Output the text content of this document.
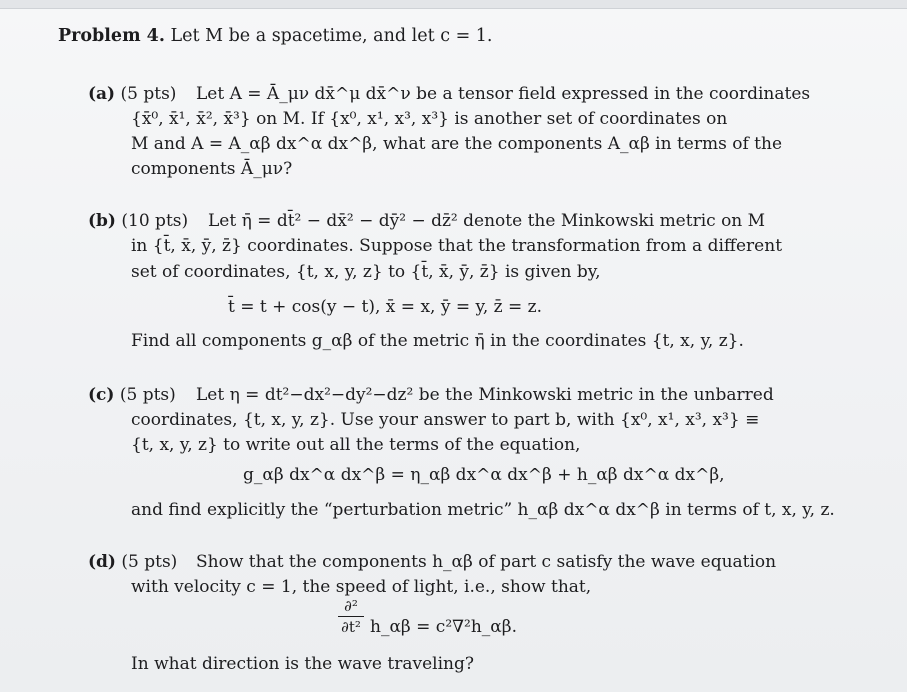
Problem 4. Let M be a spacetime, and let c = 1.
(a) (5 pts) Let A = Ā_μν dx̄^μ dx̄^ν be a tensor field expressed in the coordinates
{x̄⁰, x̄¹, x̄², x̄³} on M. If {x⁰, x¹, x³, x³} is another set of coordinates on
M and A = A_αβ dx^α dx^β, what are the components A_αβ in terms of the
components Ā_μν?
(b) (10 pts) Let η̄ = dt̄² − dx̄² − dȳ² − dz̄² denote the Minkowski metric on M
in {t̄, x̄, ȳ, z̄} coordinates. Suppose that the transformation from a different
set of coordinates, {t, x, y, z} to {t̄, x̄, ȳ, z̄} is given by,
t̄ = t + cos(y − t), x̄ = x, ȳ = y, z̄ = z.
Find all components g_αβ of the metric η̄ in the coordinates {t, x, y, z}.
(c) (5 pts) Let η = dt²−dx²−dy²−dz² be the Minkowski metric in the unbarred
coordinates, {t, x, y, z}. Use your answer to part b, with {x⁰, x¹, x³, x³} ≡
{t, x, y, z} to write out all the terms of the equation,
g_αβ dx^α dx^β = η_αβ dx^α dx^β + h_αβ dx^α dx^β,
and find explicitly the “perturbation metric” h_αβ dx^α dx^β in terms of t, x, y, z.
(d) (5 pts) Show that the components h_αβ of part c satisfy the wave equation
with velocity c = 1, the speed of light, i.e., show that,
∂²
∂t² h_αβ = c²∇²h_αβ.
In what direction is the wave traveling?
